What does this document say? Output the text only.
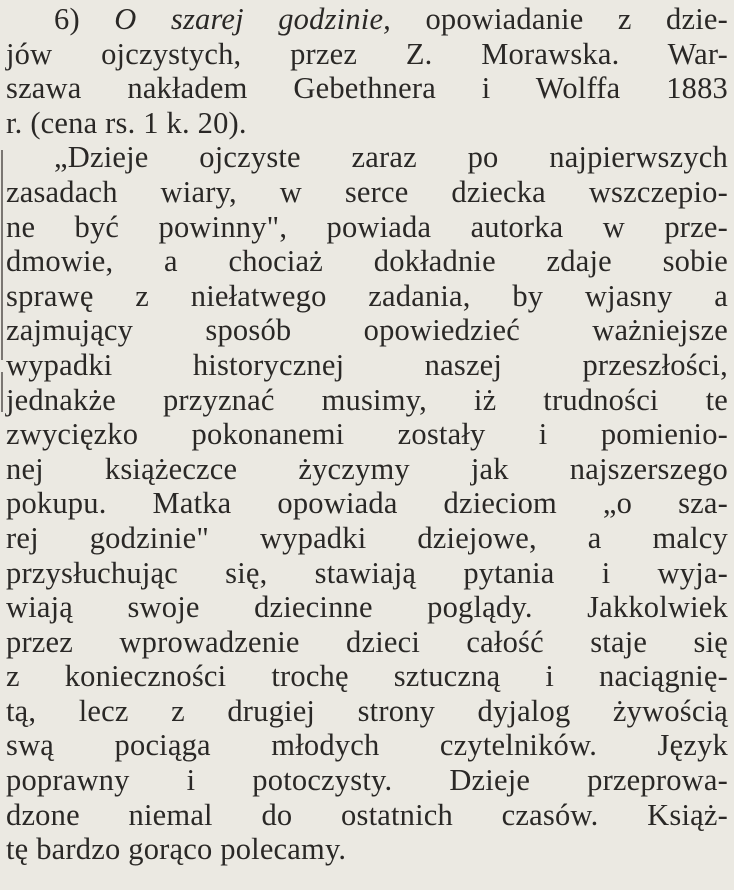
6) O szarej godzinie, opowiadanie z dzie-
jów ojczystych, przez Z. Morawska. War-
szawa nakładem Gebethnera i Wolffa 1883
r. (cena rs. 1 k. 20).
„Dzieje ojczyste zaraz po najpierwszych
zasadach wiary, w serce dziecka wszczepio-
ne być powinny", powiada autorka w prze-
dmowie, a chociaż dokładnie zdaje sobie
sprawę z niełatwego zadania, by wjasny a
zajmujący sposób opowiedzieć ważniejsze
wypadki historycznej naszej przeszłości,
jednakże przyznać musimy, iż trudności te
zwycięzko pokonanemi zostały i pomienio-
nej książeczce życzymy jak najszerszego
pokupu. Matka opowiada dzieciom „o sza-
rej godzinie" wypadki dziejowe, a malcy
przysłuchując się, stawiają pytania i wyja-
wiają swoje dziecinne poglądy. Jakkolwiek
przez wprowadzenie dzieci całość staje się
z konieczności trochę sztuczną i naciągnię-
tą, lecz z drugiej strony dyjalog żywością
swą pociąga młodych czytelników. Język
poprawny i potoczysty. Dzieje przeprowa-
dzone niemal do ostatnich czasów. Książ-
tę bardzo gorąco polecamy.
